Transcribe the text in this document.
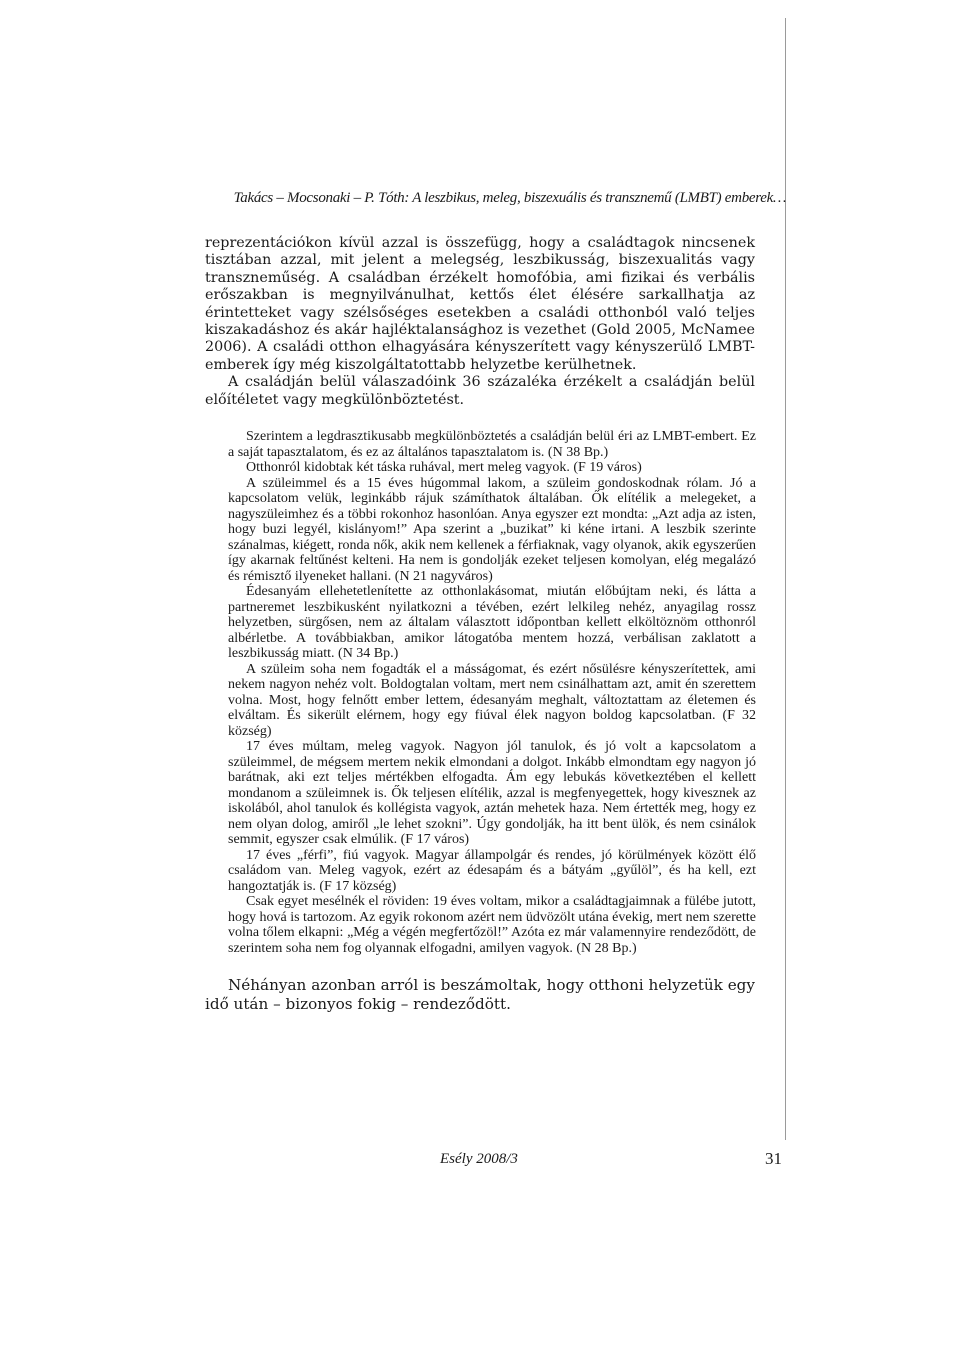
Takács – Mocsonaki – P. Tóth: A leszbikus, meleg, biszexuális és transznemű (LMBT) emberek…

reprezentációkon kívül azzal is összefügg, hogy a családtagok nincsenek tisztában azzal, mit jelent a melegség, leszbikusság, biszexualitás vagy transzneműség. A családban érzékelt homofóbia, ami fizikai és verbális erőszakban is megnyilvánulhat, kettős élet élésére sarkallhatja az érintetteket vagy szélsőséges esetekben a családi otthonból való teljes kiszakadáshoz és akár hajléktalansághoz is vezethet (Gold 2005, McNamee 2006). A családi otthon elhagyására kényszerített vagy kényszerülő LMBT-emberek így még kiszolgáltatottabb helyzetbe kerülhetnek.

A családján belül válaszadóink 36 százaléka érzékelt a családján belül előítéletet vagy megkülönböztetést.

Szerintem a legdrasztikusabb megkülönböztetés a családján belül éri az LMBT-embert. Ez a saját tapasztalatom, és ez az általános tapasztalatom is. (N 38 Bp.)

Otthonról kidobtak két táska ruhával, mert meleg vagyok. (F 19 város)

A szüleimmel és a 15 éves húgommal lakom, a szüleim gondoskodnak rólam. Jó a kapcsolatom velük, leginkább rájuk számíthatok általában. Ők elítélik a melegeket, a nagyszüleimhez és a többi rokonhoz hasonlóan. Anya egyszer ezt mondta: „Azt adja az isten, hogy buzi legyél, kislányom!” Apa szerint a „buzikat” ki kéne irtani. A leszbik szerinte szánalmas, kiégett, ronda nők, akik nem kellenek a férfiaknak, vagy olyanok, akik egyszerűen így akarnak feltűnést kelteni. Ha nem is gondolják ezeket teljesen komolyan, elég megalázó és rémisztő ilyeneket hallani. (N 21 nagyváros)

Édesanyám ellehetetlenítette az otthonlakásomat, miután előbújtam neki, és látta a partneremet leszbikusként nyilatkozni a tévében, ezért lelkileg nehéz, anyagilag rossz helyzetben, sürgősen, nem az általam választott időpontban kellett elköltöznöm otthonról albérletbe. A továbbiakban, amikor látogatóba mentem hozzá, verbálisan zaklatott a leszbikusság miatt. (N 34 Bp.)

A szüleim soha nem fogadták el a másságomat, és ezért nősülésre kényszerítettek, ami nekem nagyon nehéz volt. Boldogtalan voltam, mert nem csinálhattam azt, amit én szerettem volna. Most, hogy felnőtt ember lettem, édesanyám meghalt, változtattam az életemen és elváltam. És sikerült elérnem, hogy egy fiúval élek nagyon boldog kapcsolatban. (F 32 község)

17 éves múltam, meleg vagyok. Nagyon jól tanulok, és jó volt a kapcsolatom a szüleimmel, de mégsem mertem nekik elmondani a dolgot. Inkább elmondtam egy nagyon jó barátnak, aki ezt teljes mértékben elfogadta. Ám egy lebukás következtében el kellett mondanom a szüleimnek is. Ők teljesen elítélik, azzal is megfenyegettek, hogy kivesznek az iskolából, ahol tanulok és kollégista vagyok, aztán mehetek haza. Nem értették meg, hogy ez nem olyan dolog, amiről „le lehet szokni”. Úgy gondolják, ha itt bent ülök, és nem csinálok semmit, egyszer csak elmúlik. (F 17 város)

17 éves „férfi”, fiú vagyok. Magyar állampolgár és rendes, jó körülmények között élő családom van. Meleg vagyok, ezért az édesapám és a bátyám „gyűlöl”, és ha kell, ezt hangoztatják is. (F 17 község)

Csak egyet mesélnék el röviden: 19 éves voltam, mikor a családtagjaimnak a fülébe jutott, hogy hová is tartozom. Az egyik rokonom azért nem üdvözölt utána évekig, mert nem szerette volna tőlem elkapni: „Még a végén megfertőzöl!” Azóta ez már valamennyire rendeződött, de szerintem soha nem fog olyannak elfogadni, amilyen vagyok. (N 28 Bp.)

Néhányan azonban arról is beszámoltak, hogy otthoni helyzetük egy idő után – bizonyos fokig – rendeződött.

Esély 2008/3	31
